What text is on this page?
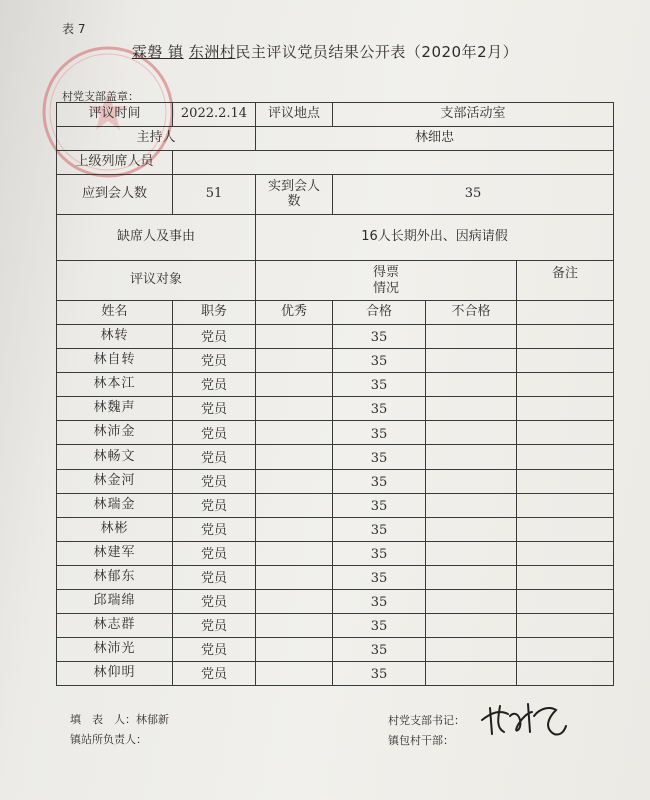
表 7
霖磐 镇 东洲村民主评议党员结果公开表（2020年2月）
村党支部盖章：
评议时间	2022.2.14	评议地点	支部活动室		
主持人		林细忠			
上级列席人员					
应到会人数	51	实到会人数	35		
缺席人及事由		16人长期外出、因病请假			
评议对象		得票情况			备注
姓名	职务	优秀	合格	不合格	
林转	党员		35		
林自转	党员		35		
林本江	党员		35		
林魏声	党员		35		
林沛金	党员		35		
林畅文	党员		35		
林金河	党员		35		
林瑞金	党员		35		
林彬	党员		35		
林建军	党员		35		
林郁东	党员		35		
邱瑞绵	党员		35		
林志群	党员		35		
林沛光	党员		35		
林仰明	党员		35		
填　表　人：林郁新
镇站所负责人：
村党支部书记：
镇包村干部：
